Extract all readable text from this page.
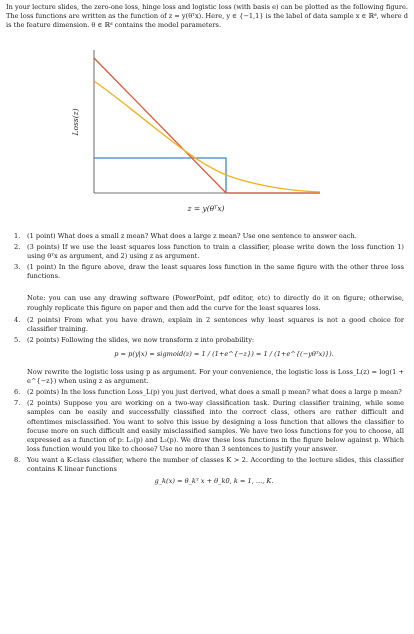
In your lecture slides, the zero-one loss, hinge loss and logistic loss (with basis e) can be plotted as the following figure. The loss functions are written as the function of z = y(θᵀx). Here, y ∈ {−1,1} is the label of data sample x ∈ ℝᵈ, where d is the feature dimension. θ ∈ ℝᵈ contains the model parameters.
Loss(z)
z = y(θᵀx)
1. (1 point) What does a small z mean? What does a large z mean? Use one sentence to answer each.
2. (3 points) If we use the least squares loss function to train a classifier, please write down the loss function 1) using θᵀx as argument, and 2) using z as argument.
3. (1 point) In the figure above, draw the least squares loss function in the same figure with the other three loss functions.
Note: you can use any drawing software (PowerPoint, pdf editor, etc) to directly do it on figure; otherwise, roughly replicate this figure on paper and then add the curve for the least squares loss.
4. (2 points) From what you have drawn, explain in 2 sentences why least squares is not a good choice for classifier training.
5. (2 points) Following the slides, we now transform z into probability:
p = p(y|x) = sigmoid(z) = 1 / (1+e^{−z}) = 1 / (1+e^{(−yθᵀx)}).
Now rewrite the logistic loss using p as argument. For your convenience, the logistic loss is Loss_L(z) = log(1 + e^{−z}) when using z as argument.
6. (2 points) In the loss function Loss_L(p) you just derived, what does a small p mean? what does a large p mean?
7. (2 points) Suppose you are working on a two-way classification task. During classifier training, while some samples can be easily and successfully classified into the correct class, others are rather difficult and oftentimes misclassified. You want to solve this issue by designing a loss function that allows the classifier to focuse more on such difficult and easily misclassified samples. We have two loss functions for you to choose, all expressed as a function of p: L₁(p) and L₂(p). We draw these loss functions in the figure below against p. Which loss function would you like to choose? Use no more than 3 sentences to justify your answer.
8. You want a K-class classifier, where the number of classes K > 2. According to the lecture slides, this classifier contains K linear functions
g_k(x) = θ_kᵀ x + θ_k0, k = 1, ..., K.
